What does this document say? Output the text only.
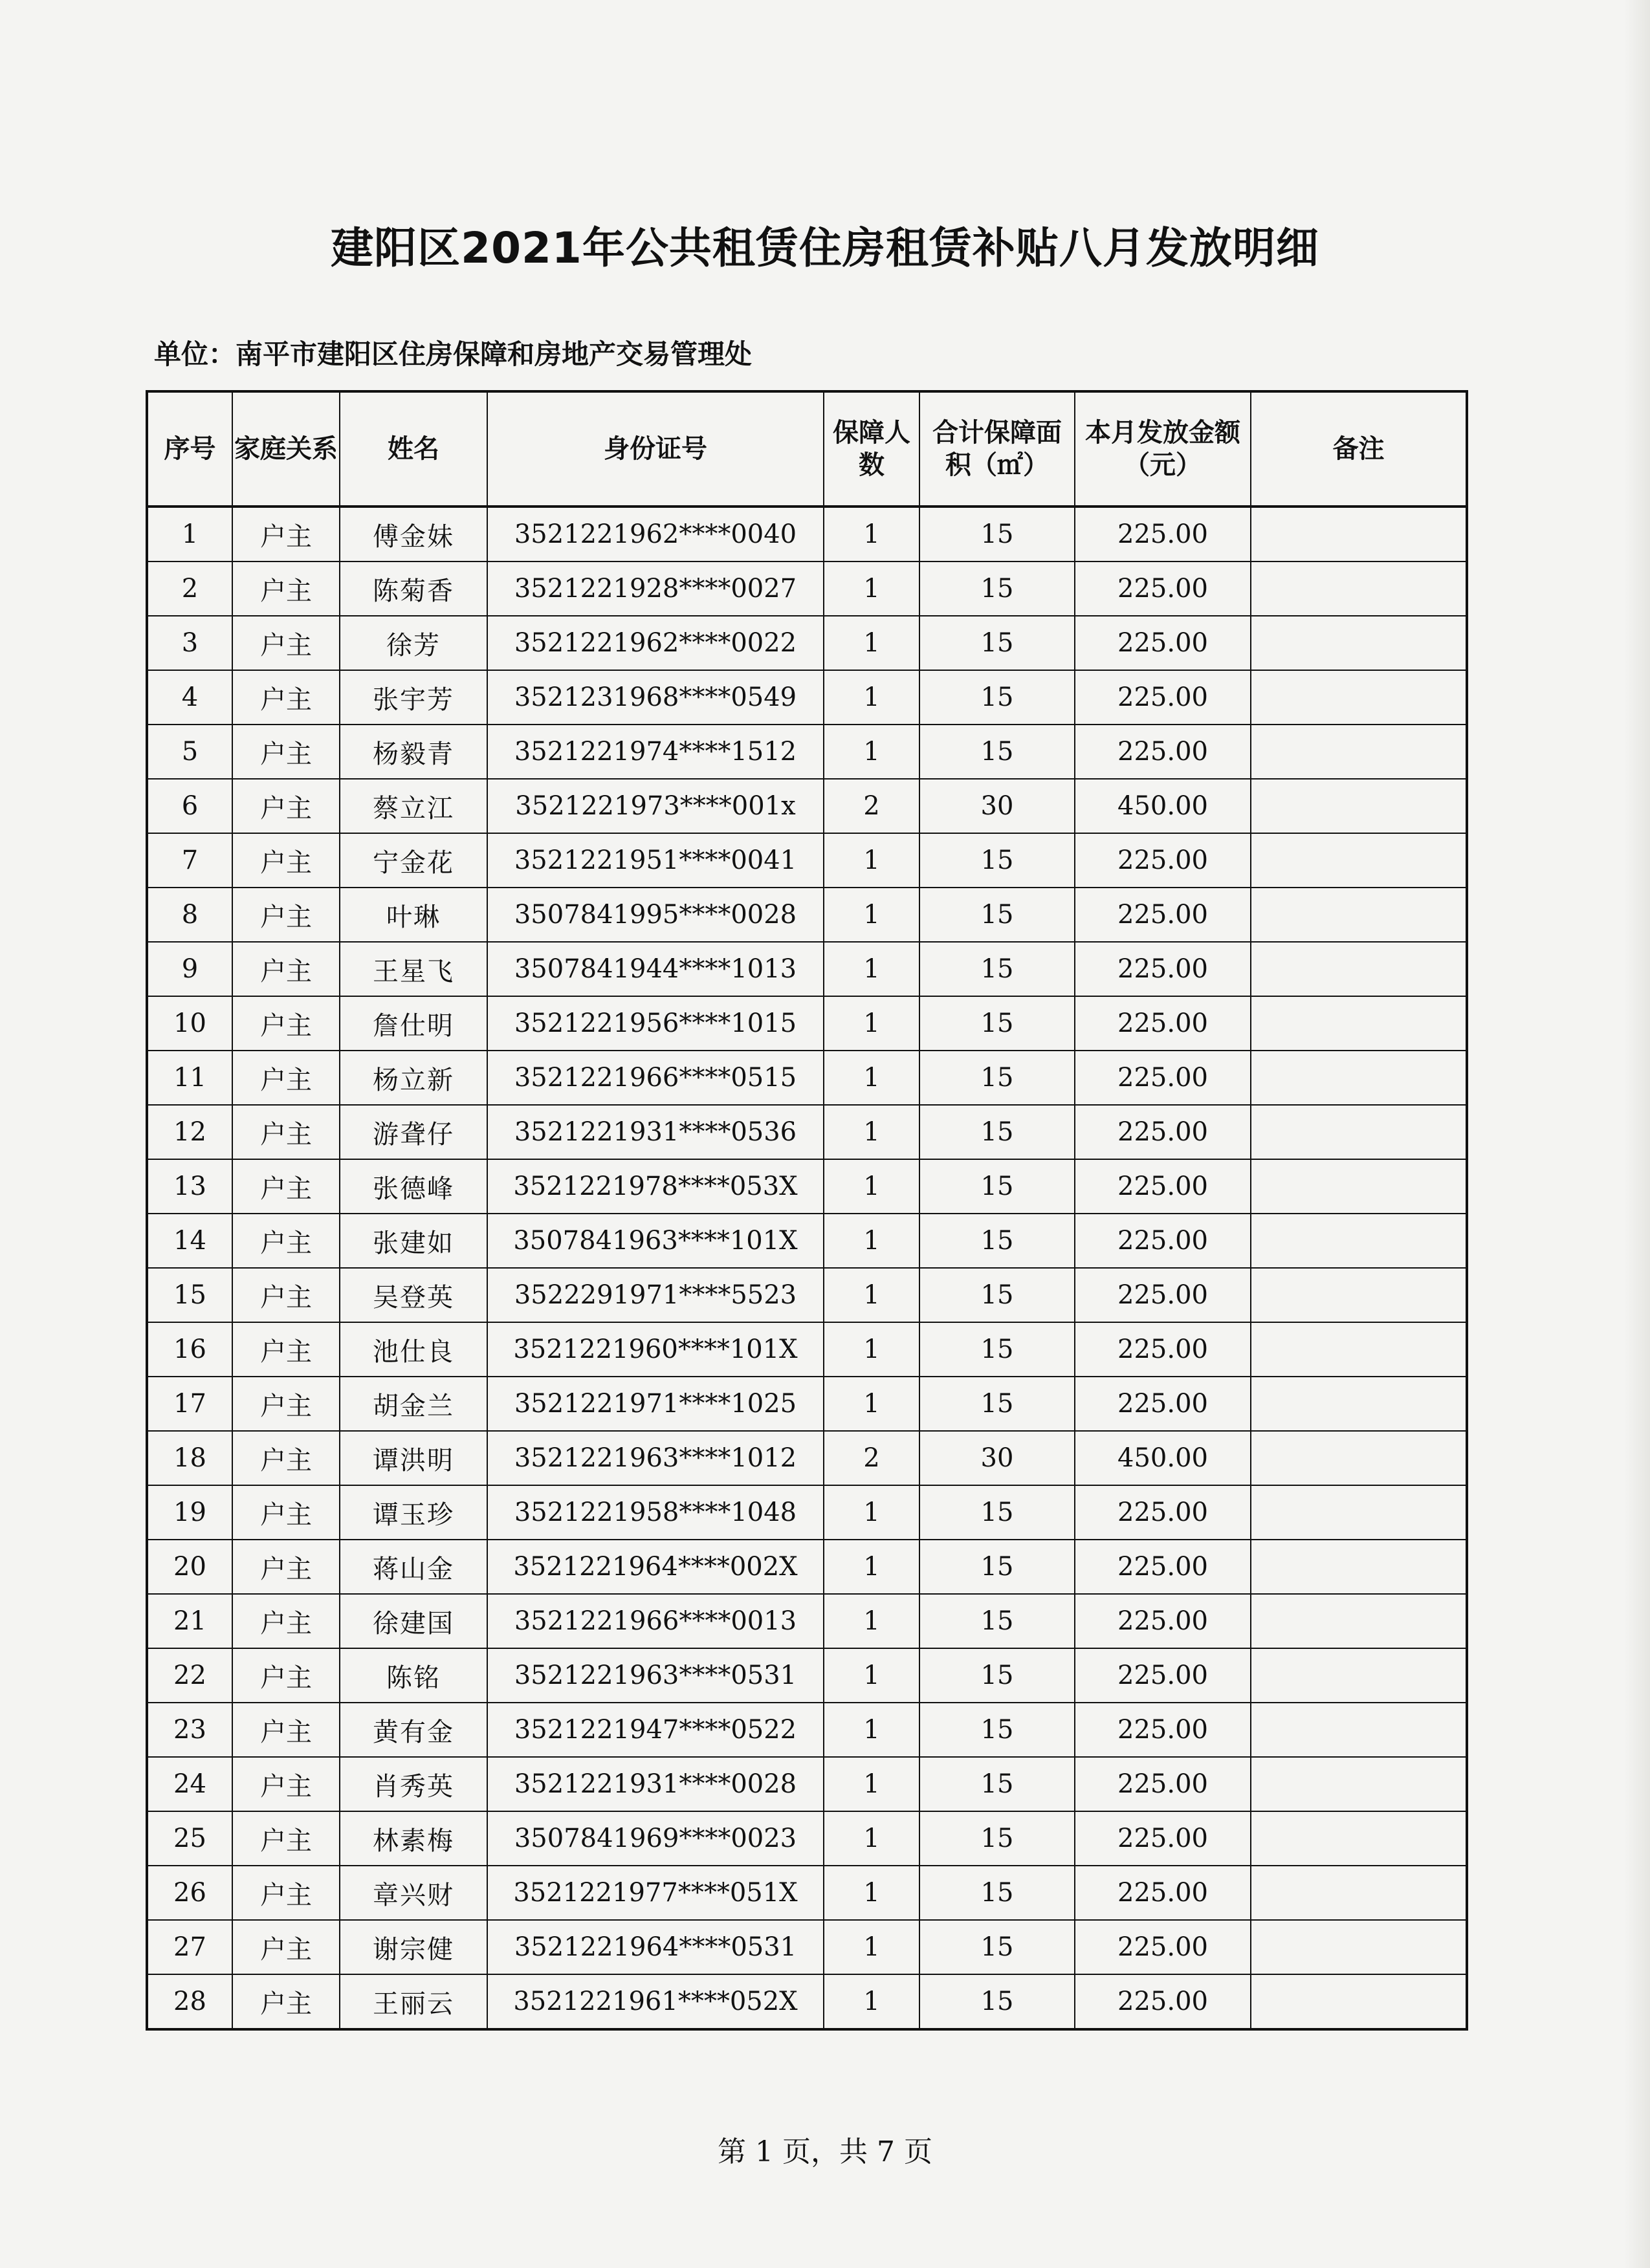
建阳区2021年公共租赁住房租赁补贴八月发放明细
单位：南平市建阳区住房保障和房地产交易管理处
序号	家庭关系	姓名	身份证号	保障人数	合计保障面积（㎡）	本月发放金额（元）	备注
1	户主	傅金妹	3521221962****0040	1	15	225.00	
2	户主	陈菊香	3521221928****0027	1	15	225.00	
3	户主	徐芳	3521221962****0022	1	15	225.00	
4	户主	张宇芳	3521231968****0549	1	15	225.00	
5	户主	杨毅青	3521221974****1512	1	15	225.00	
6	户主	蔡立江	3521221973****001x	2	30	450.00	
7	户主	宁金花	3521221951****0041	1	15	225.00	
8	户主	叶琳	3507841995****0028	1	15	225.00	
9	户主	王星飞	3507841944****1013	1	15	225.00	
10	户主	詹仕明	3521221956****1015	1	15	225.00	
11	户主	杨立新	3521221966****0515	1	15	225.00	
12	户主	游聋仔	3521221931****0536	1	15	225.00	
13	户主	张德峰	3521221978****053X	1	15	225.00	
14	户主	张建如	3507841963****101X	1	15	225.00	
15	户主	吴登英	3522291971****5523	1	15	225.00	
16	户主	池仕良	3521221960****101X	1	15	225.00	
17	户主	胡金兰	3521221971****1025	1	15	225.00	
18	户主	谭洪明	3521221963****1012	2	30	450.00	
19	户主	谭玉珍	3521221958****1048	1	15	225.00	
20	户主	蒋山金	3521221964****002X	1	15	225.00	
21	户主	徐建国	3521221966****0013	1	15	225.00	
22	户主	陈铭	3521221963****0531	1	15	225.00	
23	户主	黄有金	3521221947****0522	1	15	225.00	
24	户主	肖秀英	3521221931****0028	1	15	225.00	
25	户主	林素梅	3507841969****0023	1	15	225.00	
26	户主	章兴财	3521221977****051X	1	15	225.00	
27	户主	谢宗健	3521221964****0531	1	15	225.00	
28	户主	王丽云	3521221961****052X	1	15	225.00	
第 1 页，共 7 页
